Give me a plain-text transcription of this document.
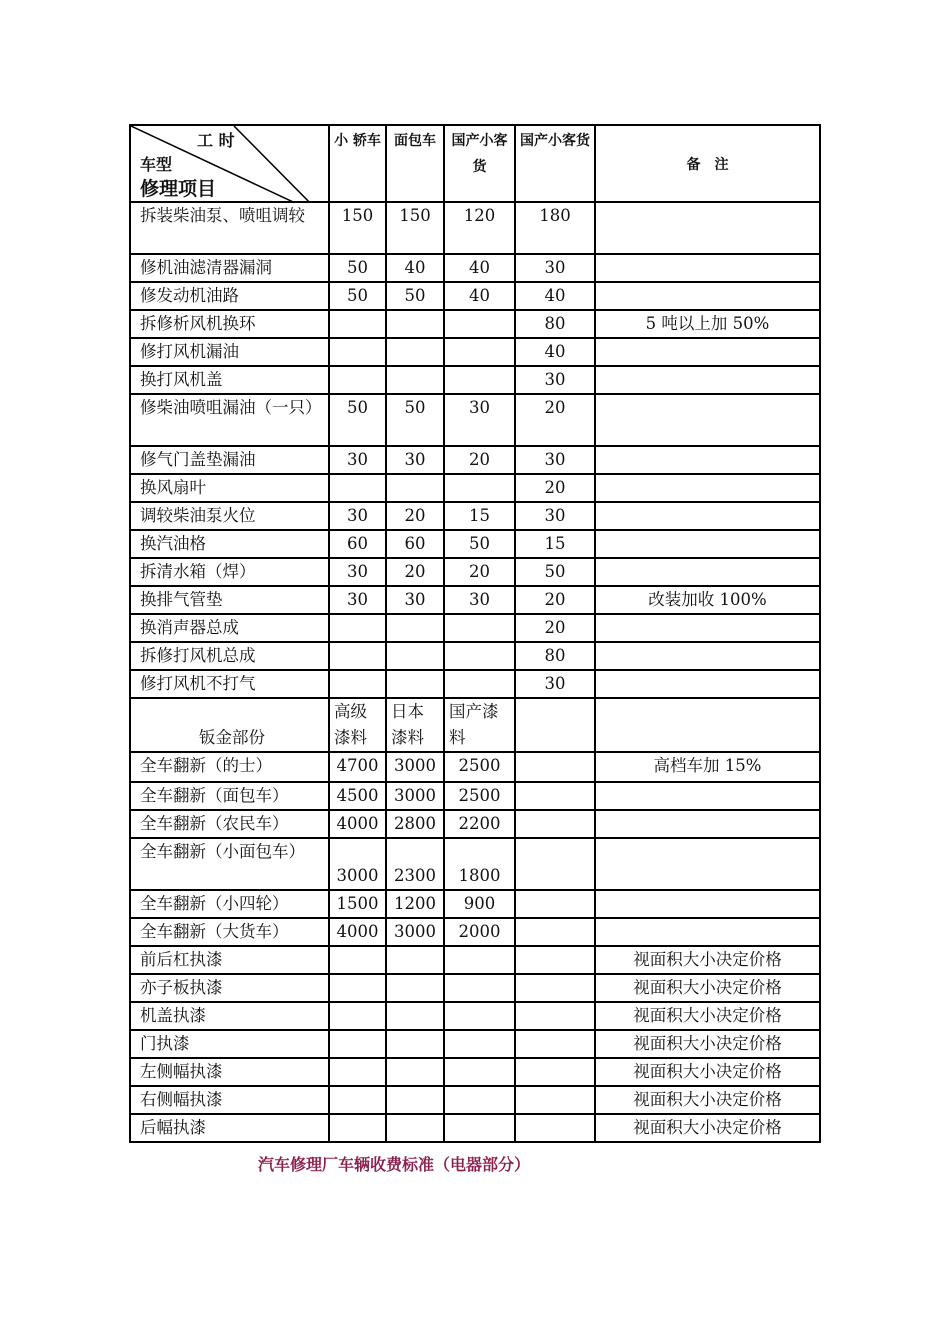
工 时
车型
修理项目	小 轿车	面包车	国产小客货	国产小客货	备　注
拆装柴油泵、喷咀调较	150	150	120	180	
修机油滤清器漏洞	50	40	40	30	
修发动机油路	50	50	40	40	
拆修析风机换环				80	5 吨以上加 50%
修打风机漏油				40	
换打风机盖				30	
修柴油喷咀漏油（一只）	50	50	30	20	
修气门盖垫漏油	30	30	20	30	
换风扇叶				20	
调较柴油泵火位	30	20	15	30	
换汽油格	60	60	50	15	
拆清水箱（焊）	30	20	20	50	
换排气管垫	30	30	30	20	改装加收 100%
换消声器总成				20	
拆修打风机总成				80	
修打风机不打气				30	
钣金部份	高级漆料	日本漆料	国产漆料		
全车翻新（的士）	4700	3000	2500		高档车加 15%
全车翻新（面包车）	4500	3000	2500		
全车翻新（农民车）	4000	2800	2200		
全车翻新（小面包车）	3000	2300	1800		
全车翻新（小四轮）	1500	1200	900		
全车翻新（大货车）	4000	3000	2000		
前后杠执漆					视面积大小决定价格
亦子板执漆					视面积大小决定价格
机盖执漆					视面积大小决定价格
门执漆					视面积大小决定价格
左侧幅执漆					视面积大小决定价格
右侧幅执漆					视面积大小决定价格
后幅执漆					视面积大小决定价格
汽车修理厂车辆收费标准（电器部分）
